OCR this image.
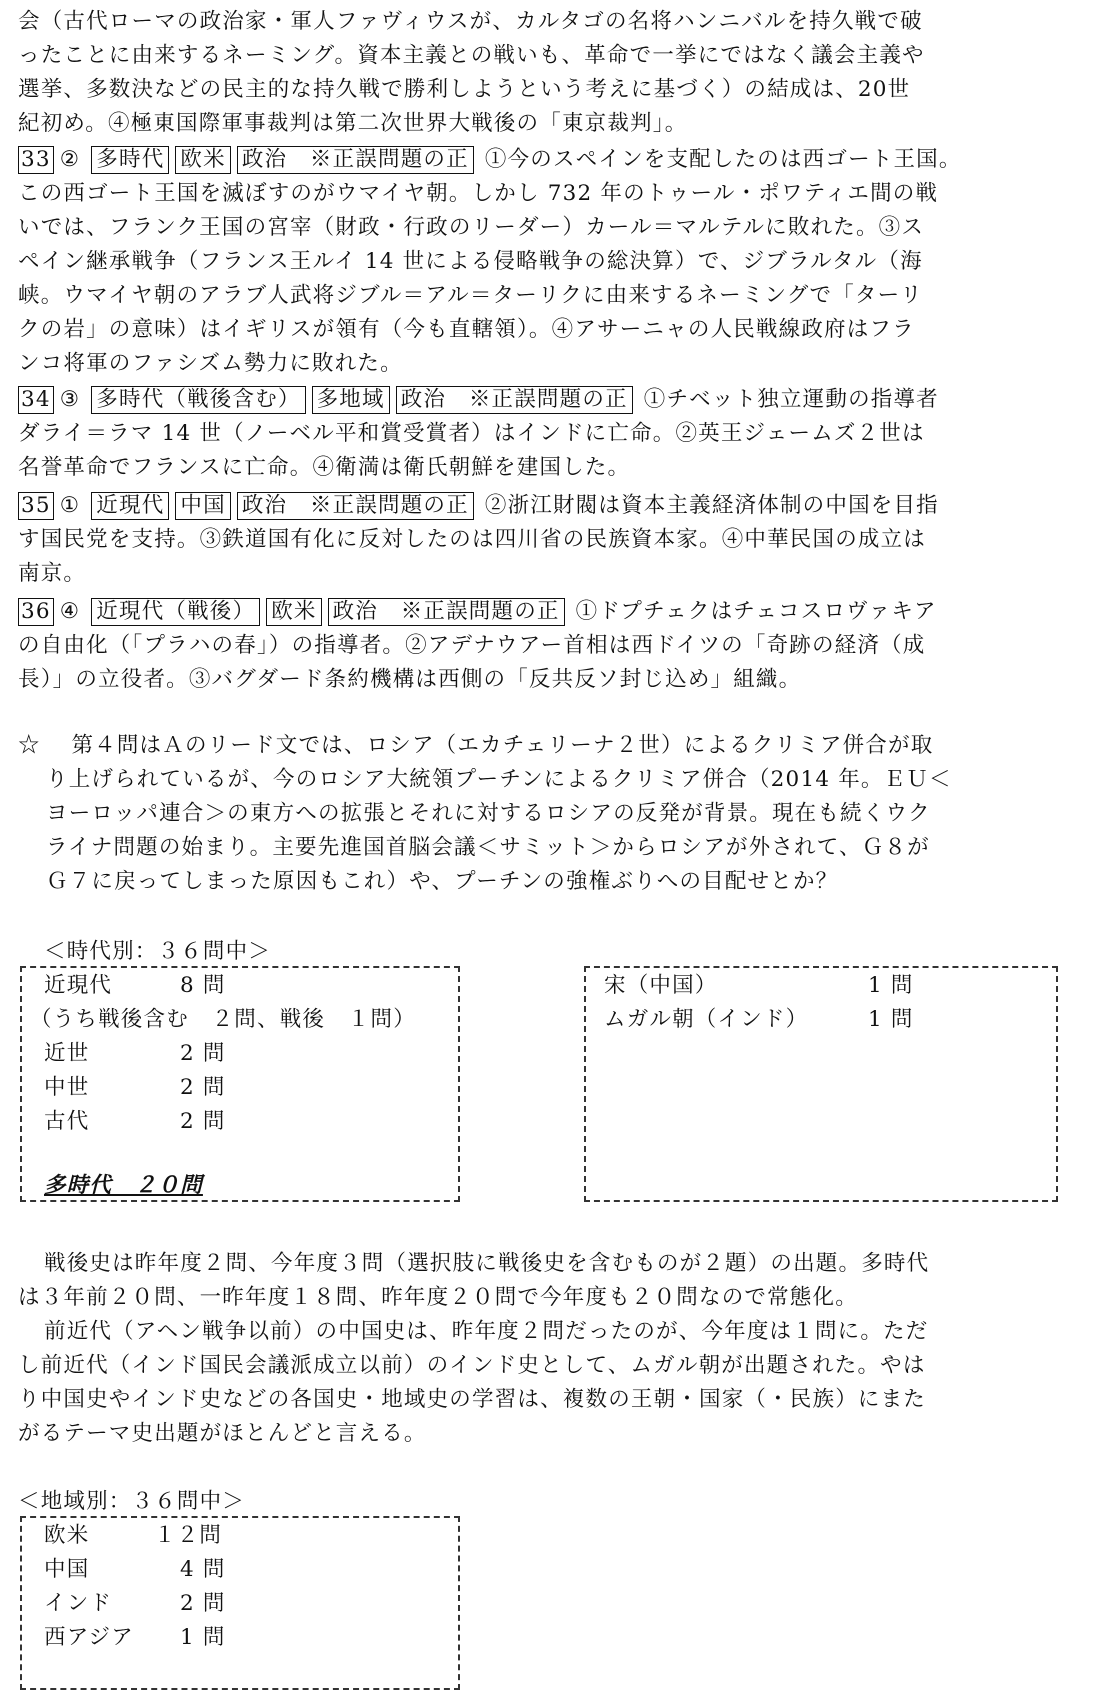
会（古代ローマの政治家・軍人ファヴィウスが、カルタゴの名将ハンニバルを持久戦で破
ったことに由来するネーミング。資本主義との戦いも、革命で一挙にではなく議会主義や
選挙、多数決などの民主的な持久戦で勝利しようという考えに基づく）の結成は、20世
紀初め。④極東国際軍事裁判は第二次世界大戦後の「東京裁判」。
33 ② 多時代 欧米 政治　※正誤問題の正 ①今のスペインを支配したのは西ゴート王国。
この西ゴート王国を滅ぼすのがウマイヤ朝。しかし 732 年のトゥール・ポワティエ間の戦
いでは、フランク王国の宮宰（財政・行政のリーダー）カール＝マルテルに敗れた。③ス
ペイン継承戦争（フランス王ルイ 14 世による侵略戦争の総決算）で、ジブラルタル（海
峡。ウマイヤ朝のアラブ人武将ジブル＝アル＝ターリクに由来するネーミングで「ターリ
クの岩」の意味）はイギリスが領有（今も直轄領）。④アサーニャの人民戦線政府はフラ
ンコ将軍のファシズム勢力に敗れた。
34 ③ 多時代（戦後含む） 多地域 政治　※正誤問題の正 ①チベット独立運動の指導者
ダライ＝ラマ 14 世（ノーベル平和賞受賞者）はインドに亡命。②英王ジェームズ２世は
名誉革命でフランスに亡命。④衛満は衛氏朝鮮を建国した。
35 ① 近現代 中国 政治　※正誤問題の正 ②浙江財閥は資本主義経済体制の中国を目指
す国民党を支持。③鉄道国有化に反対したのは四川省の民族資本家。④中華民国の成立は
南京。
36 ④ 近現代（戦後） 欧米 政治　※正誤問題の正 ①ドプチェクはチェコスロヴァキア
の自由化（「プラハの春」）の指導者。②アデナウアー首相は西ドイツの「奇跡の経済（成
長）」の立役者。③バグダード条約機構は西側の「反共反ソ封じ込め」組織。
☆　 第４問はＡのリード文では、ロシア（エカチェリーナ２世）によるクリミア併合が取
り上げられているが、今のロシア大統領プーチンによるクリミア併合（2014 年。ＥＵ＜
ヨーロッパ連合＞の東方への拡張とそれに対するロシアの反発が背景。現在も続くウク
ライナ問題の始まり。主要先進国首脳会議＜サミット＞からロシアが外されて、Ｇ８が
Ｇ７に戻ってしまった原因もこれ）や、プーチンの強権ぶりへの目配せとか？
＜時代別：３６問中＞
近現代	8 問
（うち戦後含む　２問、戦後　１問）
近世	2 問
中世	2 問
古代	2 問
多時代　２０問
宋（中国）	1 問
ムガル朝（インド）	1 問
戦後史は昨年度２問、今年度３問（選択肢に戦後史を含むものが２題）の出題。多時代
は３年前２０問、一昨年度１８問、昨年度２０問で今年度も２０問なので常態化。
前近代（アヘン戦争以前）の中国史は、昨年度２問だったのが、今年度は１問に。ただ
し前近代（インド国民会議派成立以前）のインド史として、ムガル朝が出題された。やは
り中国史やインド史などの各国史・地域史の学習は、複数の王朝・国家（・民族）にまた
がるテーマ史出題がほとんどと言える。
＜地域別：３６問中＞
欧米	１２問
中国	4 問
インド	2 問
西アジア 1 問
